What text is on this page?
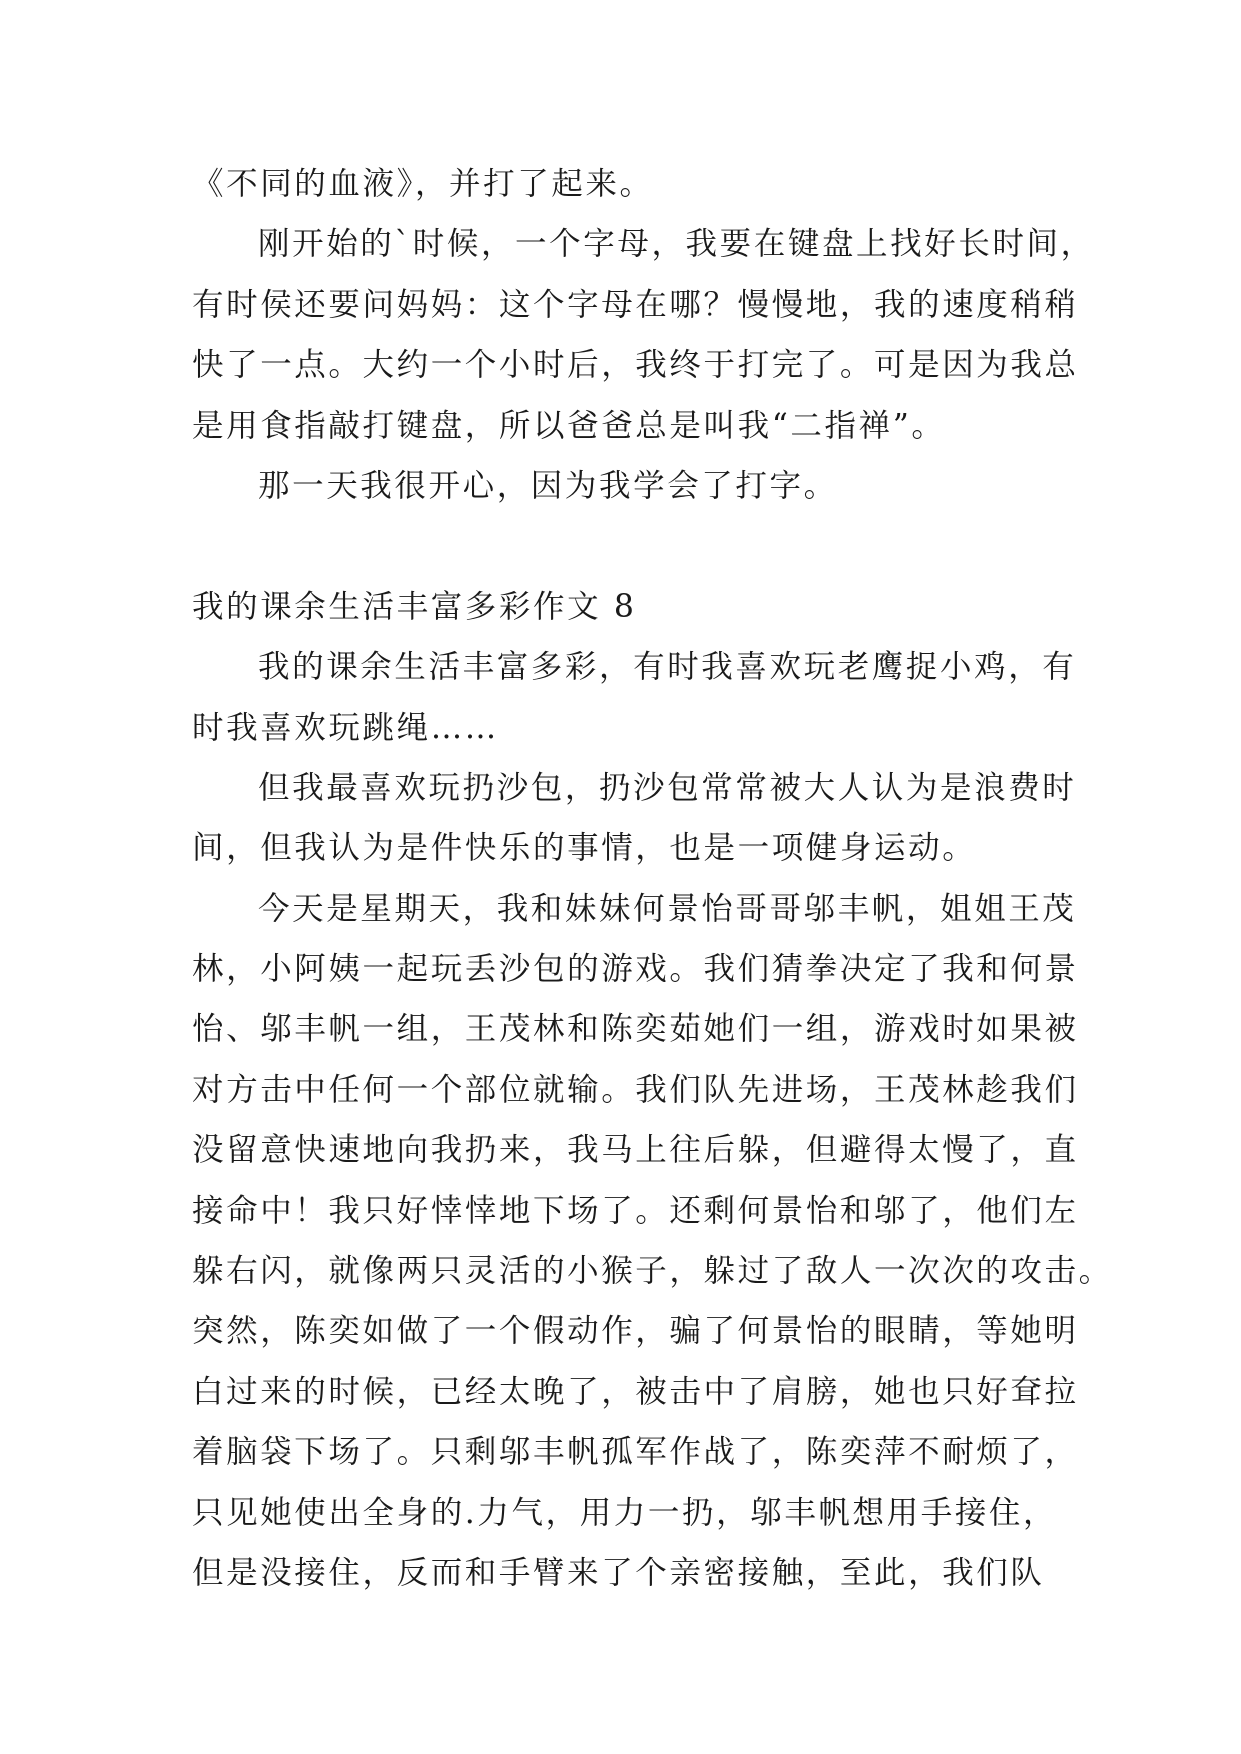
《不同的血液》，并打了起来。
刚开始的`时候，一个字母，我要在键盘上找好长时间，
有时侯还要问妈妈：这个字母在哪？慢慢地，我的速度稍稍
快了一点。大约一个小时后，我终于打完了。可是因为我总
是用食指敲打键盘，所以爸爸总是叫我“二指禅”。
那一天我很开心，因为我学会了打字。
我的课余生活丰富多彩作文 8
我的课余生活丰富多彩，有时我喜欢玩老鹰捉小鸡，有
时我喜欢玩跳绳……
但我最喜欢玩扔沙包，扔沙包常常被大人认为是浪费时
间，但我认为是件快乐的事情，也是一项健身运动。
今天是星期天，我和妹妹何景怡哥哥邬丰帆，姐姐王茂
林，小阿姨一起玩丢沙包的游戏。我们猜拳决定了我和何景
怡、邬丰帆一组，王茂林和陈奕茹她们一组，游戏时如果被
对方击中任何一个部位就输。我们队先进场，王茂林趁我们
没留意快速地向我扔来，我马上往后躲，但避得太慢了，直
接命中！我只好悻悻地下场了。还剩何景怡和邬了，他们左
躲右闪，就像两只灵活的小猴子，躲过了敌人一次次的攻击。
突然，陈奕如做了一个假动作，骗了何景怡的眼睛，等她明
白过来的时候，已经太晚了，被击中了肩膀，她也只好耷拉
着脑袋下场了。只剩邬丰帆孤军作战了，陈奕萍不耐烦了，
只见她使出全身的.力气，用力一扔，邬丰帆想用手接住，
但是没接住，反而和手臂来了个亲密接触，至此，我们队
